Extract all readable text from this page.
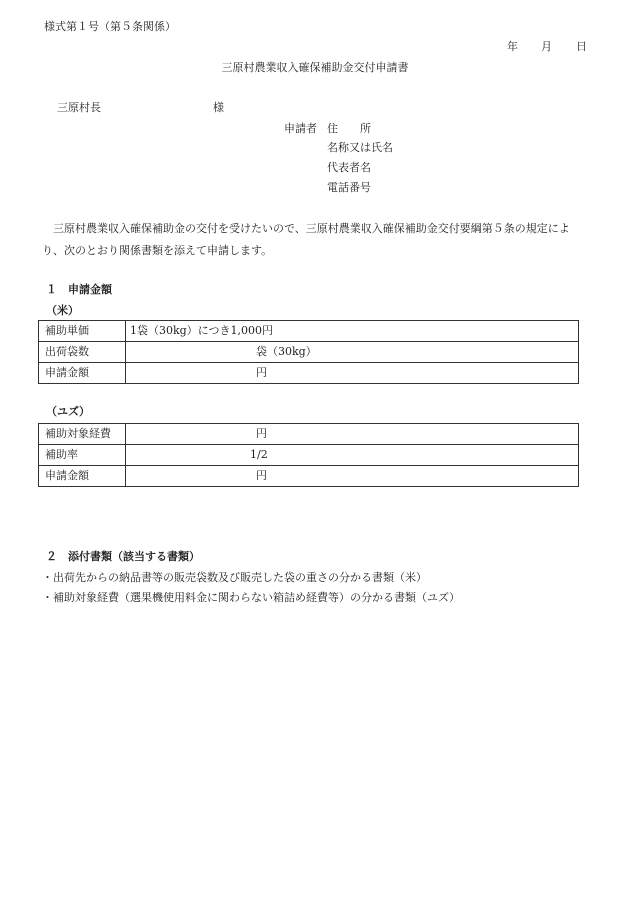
様式第１号（第５条関係）
年 月 日
三原村農業収入確保補助金交付申請書
三原村長	様
申請者 住　　所
名称又は氏名
代表者名
電話番号
三原村農業収入確保補助金の交付を受けたいので、三原村農業収入確保補助金交付要綱第５条の規定により、次のとおり関係書類を添えて申請します。
１　申請金額
（米）
補助単価	1袋（30kg）につき1,000円
出荷袋数	袋（30kg）
申請金額	円
（ユズ）
補助対象経費	円
補助率	1/2
申請金額	円
２　添付書類（該当する書類）
・出荷先からの納品書等の販売袋数及び販売した袋の重さの分かる書類（米）
・補助対象経費（選果機使用料金に関わらない箱詰め経費等）の分かる書類（ユズ）
